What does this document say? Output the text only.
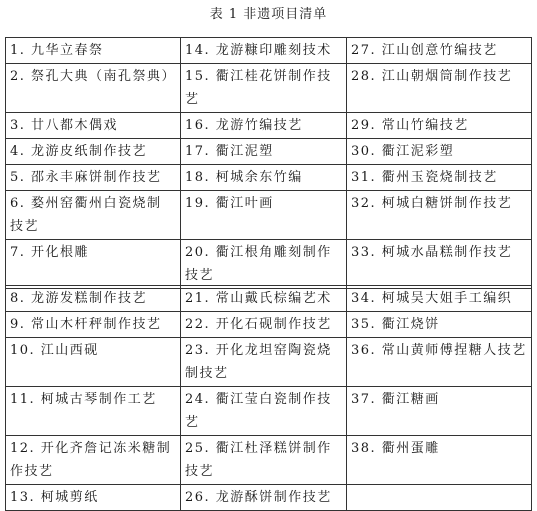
表 1 非遗项目清单
1. 九华立春祭	14. 龙游糠印雕刻技术	27. 江山创意竹编技艺
2. 祭孔大典（南孔祭典）	15. 衢江桂花饼制作技艺	28. 江山朝烟筒制作技艺
3. 廿八都木偶戏	16. 龙游竹编技艺	29. 常山竹编技艺
4. 龙游皮纸制作技艺	17. 衢江泥塑	30. 衢江泥彩塑
5. 邵永丰麻饼制作技艺	18. 柯城余东竹编	31. 衢州玉瓷烧制技艺
6. 婺州窑衢州白瓷烧制技艺	19. 衢江叶画	32. 柯城白糖饼制作技艺
7. 开化根雕	20. 衢江根角雕刻制作技艺	33. 柯城水晶糕制作技艺
8. 龙游发糕制作技艺	21. 常山戴氏棕编艺术	34. 柯城吴大姐手工编织
9. 常山木杆秤制作技艺	22. 开化石砚制作技艺	35. 衢江烧饼
10. 江山西砚	23. 开化龙坦窑陶瓷烧制技艺	36. 常山黄师傅捏糖人技艺
11. 柯城古琴制作工艺	24. 衢江莹白瓷制作技艺	37. 衢江糖画
12. 开化齐詹记冻米糖制作技艺	25. 衢江杜泽糕饼制作技艺	38. 衢州蛋雕
13. 柯城剪纸	26. 龙游酥饼制作技艺	
